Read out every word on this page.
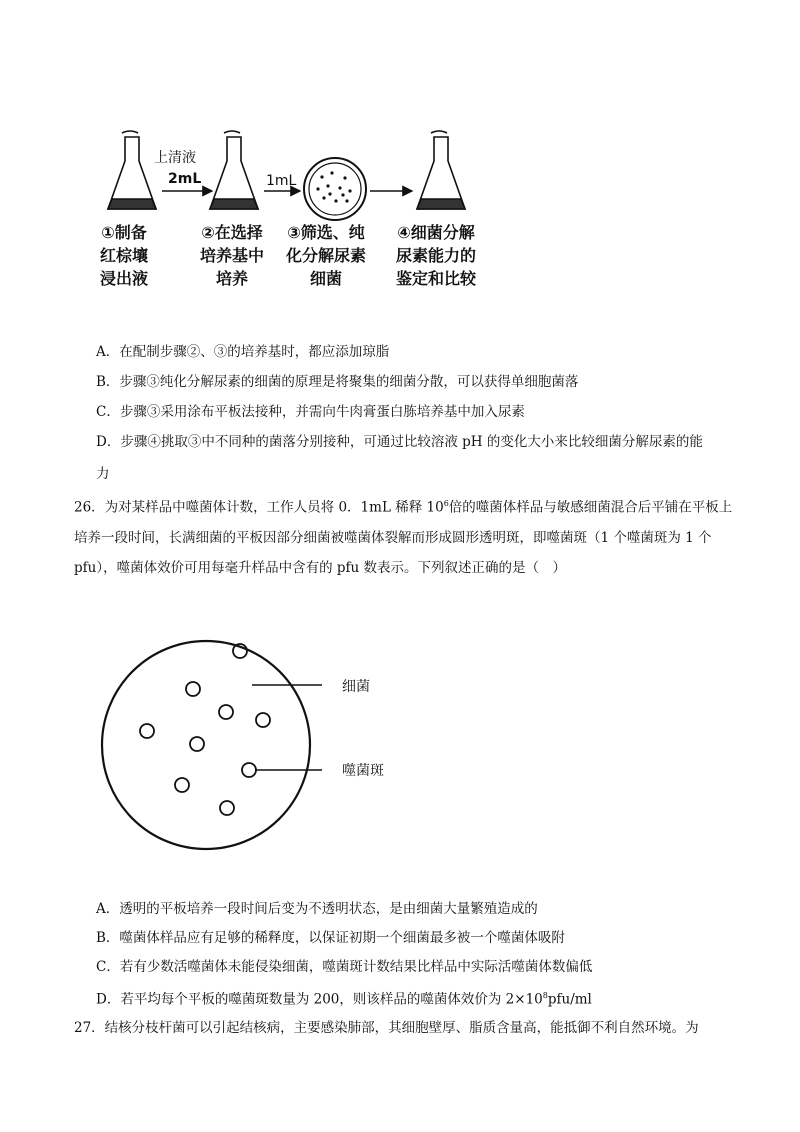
上清液
2mL	1mL
①制备
红棕壤
浸出液
②在选择
培养基中
培养
③筛选、纯
化分解尿素
细菌
④细菌分解
尿素能力的
鉴定和比较
A．在配制步骤②、③的培养基时，都应添加琼脂
B．步骤③纯化分解尿素的细菌的原理是将聚集的细菌分散，可以获得单细胞菌落
C．步骤③采用涂布平板法接种，并需向牛肉膏蛋白胨培养基中加入尿素
D．步骤④挑取③中不同种的菌落分别接种，可通过比较溶液 pH 的变化大小来比较细菌分解尿素的能
力
26．为对某样品中噬菌体计数，工作人员将 0．1mL 稀释 $10^6$倍的噬菌体样品与敏感细菌混合后平铺在平板上培养一段时间，长满细菌的平板因部分细菌被噬菌体裂解而形成圆形透明斑，即噬菌斑（1 个噬菌斑为 1 个 pfu），噬菌体效价可用每毫升样品中含有的 pfu 数表示。下列叙述正确的是（　）
细菌
噬菌斑
A．透明的平板培养一段时间后变为不透明状态，是由细菌大量繁殖造成的
B．噬菌体样品应有足够的稀释度，以保证初期一个细菌最多被一个噬菌体吸附
C．若有少数活噬菌体未能侵染细菌，噬菌斑计数结果比样品中实际活噬菌体数偏低
D．若平均每个平板的噬菌斑数量为 200，则该样品的噬菌体效价为 $2\times 10^8pfu/ml$
27．结核分枝杆菌可以引起结核病，主要感染肺部，其细胞壁厚、脂质含量高，能抵御不利自然环境。为
